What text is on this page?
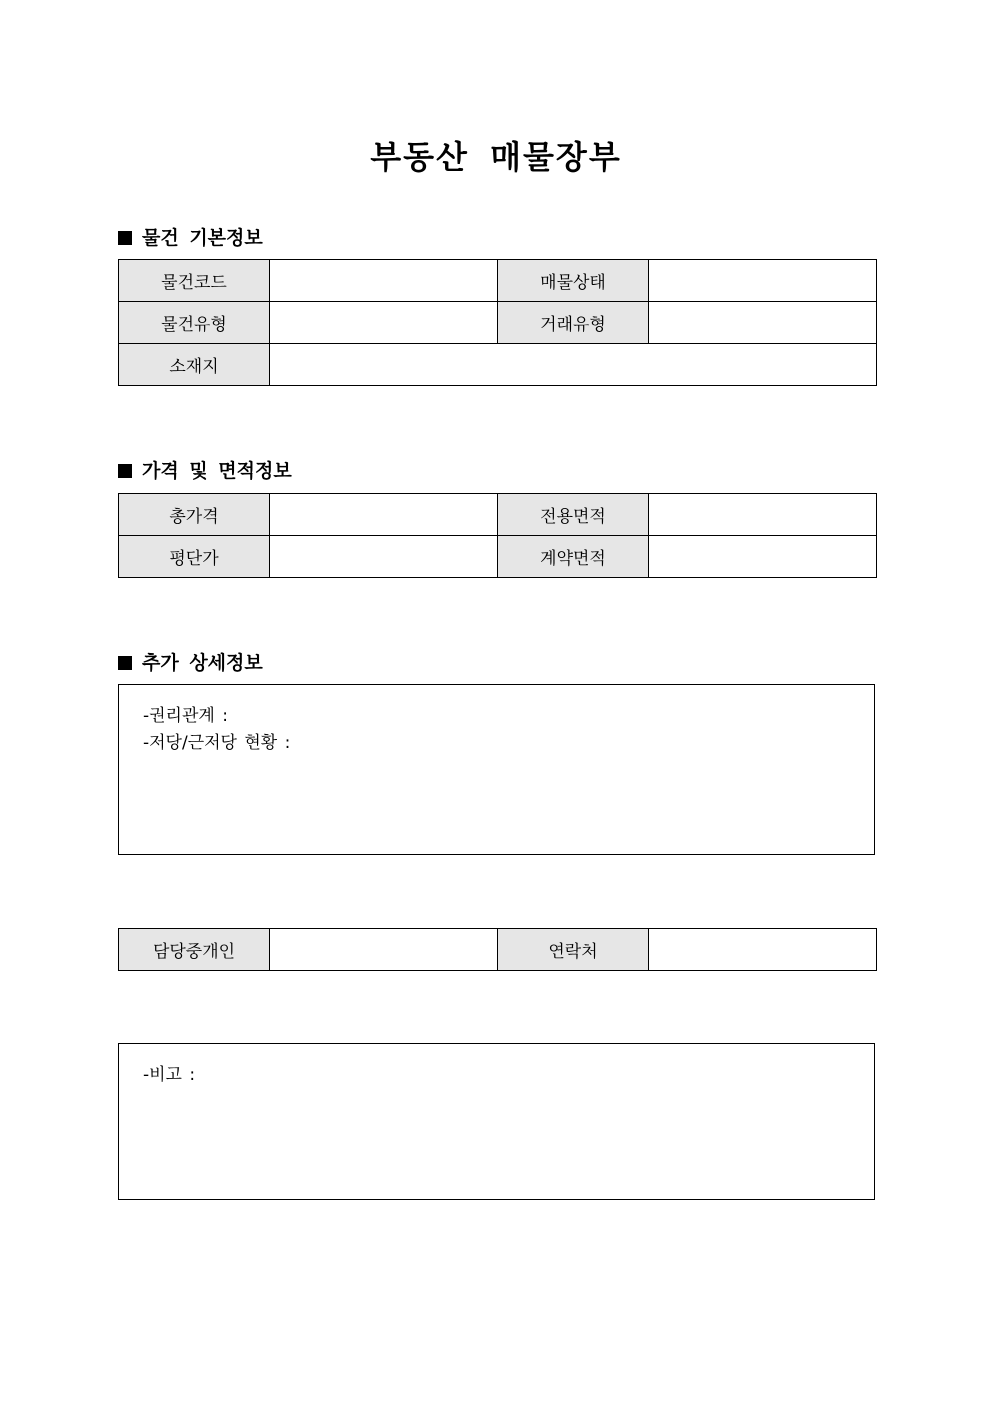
부동산 매물장부
물건 기본정보
물건코드		매물상태	
물건유형		거래유형	
소재지			
가격 및 면적정보
총가격		전용면적	
평단가		계약면적	
추가 상세정보
-권리관계 :
-저당/근저당 현황 :
담당중개인		연락처	
-비고 :
